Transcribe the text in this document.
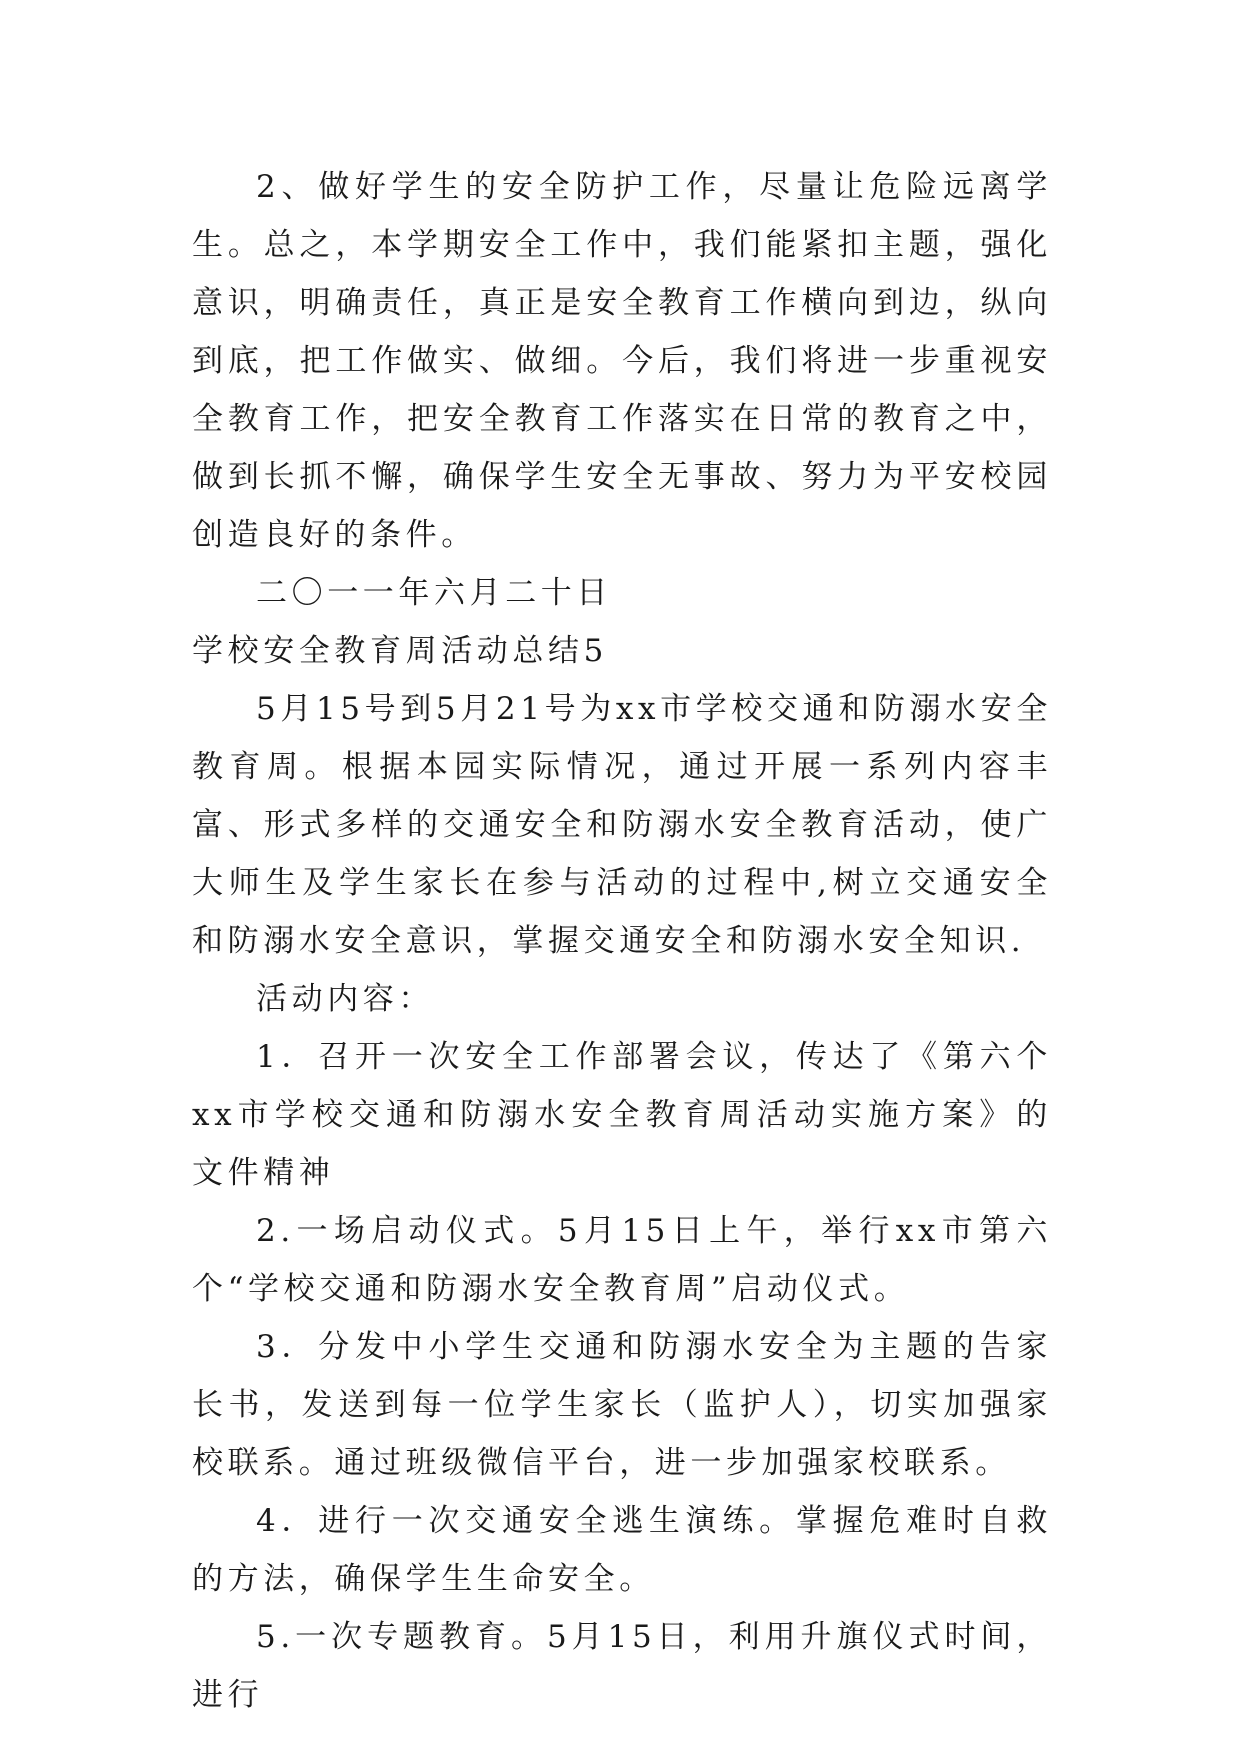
2、做好学生的安全防护工作，尽量让危险远离学生。总之，本学期安全工作中，我们能紧扣主题，强化意识，明确责任，真正是安全教育工作横向到边，纵向到底，把工作做实、做细。今后，我们将进一步重视安全教育工作，把安全教育工作落实在日常的教育之中，做到长抓不懈，确保学生安全无事故、努力为平安校园创造良好的条件。

二〇一一年六月二十日

学校安全教育周活动总结5

5月15号到5月21号为xx市学校交通和防溺水安全教育周。根据本园实际情况，通过开展一系列内容丰富、形式多样的交通安全和防溺水安全教育活动，使广大师生及学生家长在参与活动的过程中,树立交通安全和防溺水安全意识，掌握交通安全和防溺水安全知识.

活动内容：

1．召开一次安全工作部署会议，传达了《第六个xx市学校交通和防溺水安全教育周活动实施方案》的文件精神

2.一场启动仪式。5月15日上午，举行xx市第六个“学校交通和防溺水安全教育周”启动仪式。

3．分发中小学生交通和防溺水安全为主题的告家长书，发送到每一位学生家长（监护人），切实加强家校联系。通过班级微信平台，进一步加强家校联系。

4．进行一次交通安全逃生演练。掌握危难时自救的方法，确保学生生命安全。

5.一次专题教育。5月15日，利用升旗仪式时间，进行
